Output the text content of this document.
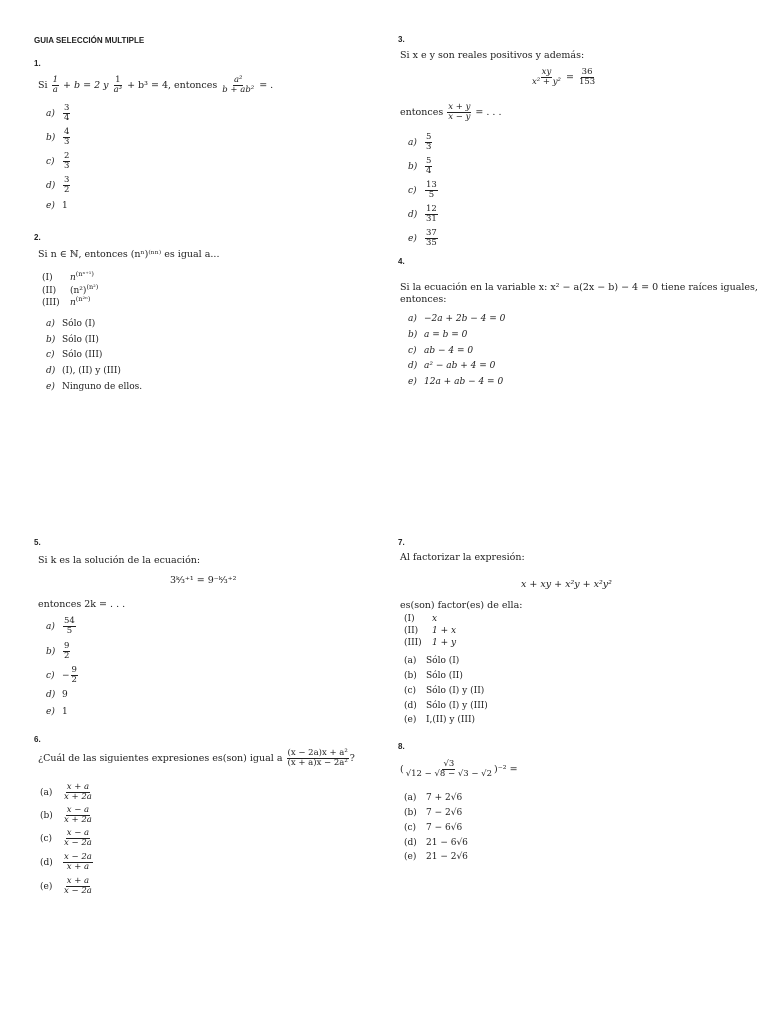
GUIA SELECCIÓN MULTIPLE
1.
Si $\frac{1}{a} + b = 2$ y $\frac{1}{\text{a³}} + b^3 = 4$, entonces $\frac{\text{a²}}{\text{b + ab²}}$ = .
$a) \frac{3}{4}$
$b) \frac{4}{3}$
$c) \frac{2}{3}$
$d) \frac{3}{2}$
e) 1
2.
Si n ∈ ℕ, entonces (nⁿ)⁽ⁿⁿ⁾ es igual a...
(I) $n^{(n^{n+1})}$
(II) $(n^2)^{(n^2)}$
(III) $n^{(n^{2n})}$
a) Sólo (I)
b) Sólo (II)
c) Sólo (III)
d) (I), (II) y (III)
e) Ninguno de ellos.
3.
Si x e y son reales positivos y además:
$\frac{xy}{\text{x² + y²}} = \frac{36}{153}$
entonces $\frac{x + y}{x - y}$ = . . .
$a) \frac{5}{3}$
$b) \frac{5}{4}$
$c) \frac{13}{5}$
$d) \frac{12}{31}$
$e) \frac{37}{35}$
4.
Si la ecuación en la variable x: x² − a(2x − b) − 4 = 0 tiene raíces iguales,
entonces:
a) −2a + 2b − 4 = 0
b) a = b = 0
c) ab − 4 = 0
d) a² − ab + 4 = 0
e) 12a + ab − 4 = 0
5.
Si k es la solución de la ecuación:
3ᵏ⁄₃⁺¹ = 9⁻ᵏ⁄₃⁺²
entonces 2k = . . .
$a) \frac{54}{5}$
$b) \frac{9}{2}$
$c) - \frac{9}{2}$
d) 9
e) 1
6.
¿Cuál de las siguientes expresiones es(son) igual a $\frac{\text{(x − 2a)x + a²}}{\text{(x + a)x − 2a²}}$ ?
$(a) \frac{x + a}{x + 2a}$
$(b) \frac{x - a}{x + 2a}$
$(c) \frac{x - a}{x - 2a}$
$(d) \frac{x - 2a}{x + a}$
$(e) \frac{x + a}{x - 2a}$
7.
Al factorizar la expresión:
x + xy + x²y + x²y²
es(son) factor(es) de ella:
(I) x
(II) 1 + x
(III) 1 + y
(a) Sólo (I)
(b) Sólo (II)
(c) Sólo (I) y (II)
(d) Sólo (I) y (III)
(e) I,(II) y (III)
8.
( $\frac{√3}{√12 - √8 - √3 - √2} )^{-2}$ =
(a) 7 + 2√6
(b) 7 − 2√6
(c) 7 − 6√6
(d) 21 − 6√6
(e) 21 − 2√6
